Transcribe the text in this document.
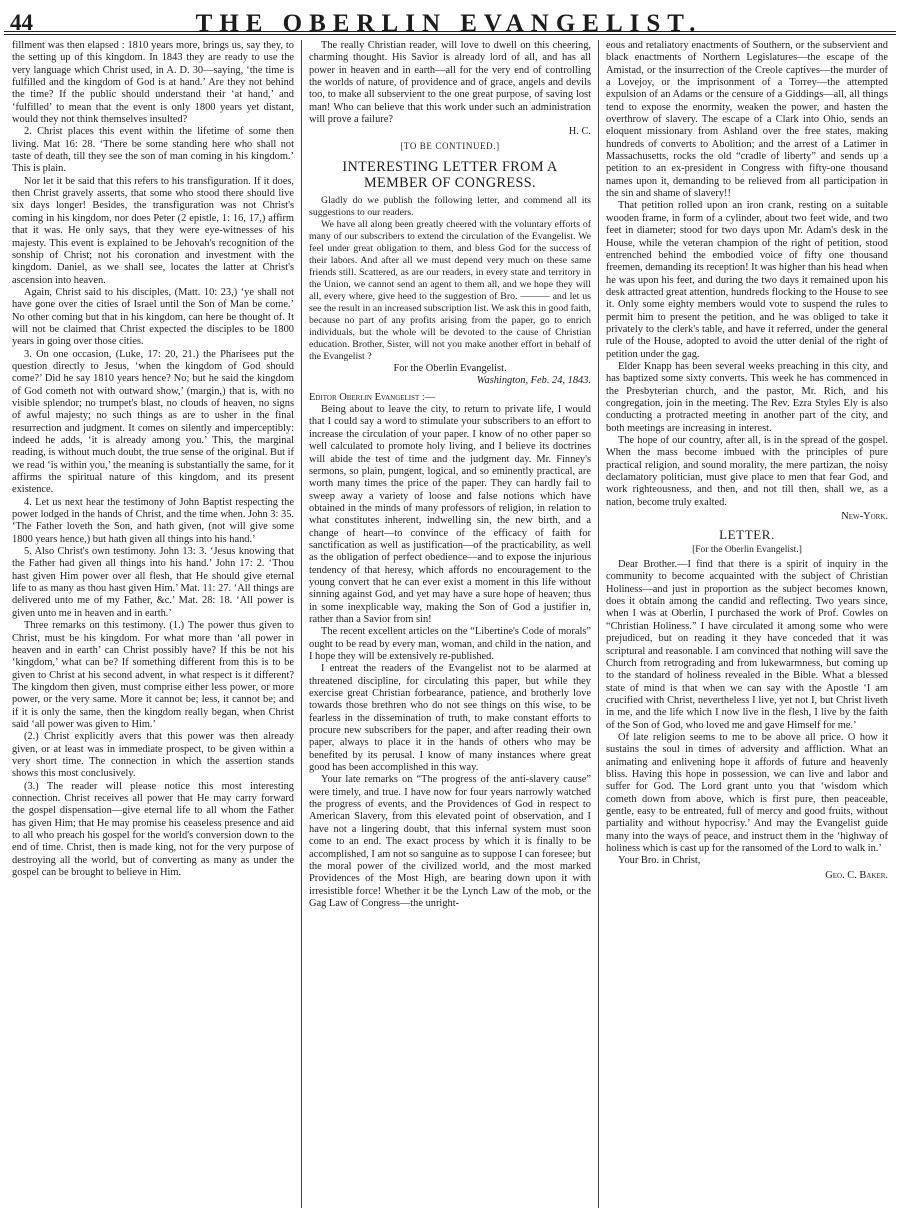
44	THE OBERLIN EVANGELIST.

fillment was then elapsed : 1810 years more, brings us, say they, to the setting up of this kingdom. In 1843 they are ready to use the very language which Christ used, in A. D. 30—saying, ‘the time is fulfilled and the kingdom of God is at hand.’ Are they not behind the time? If the public should understand their ‘at hand,’ and ‘fulfilled’ to mean that the event is only 1800 years yet distant, would they not think themselves insulted?

2. Christ places this event within the lifetime of some then living. Mat 16: 28. ‘There be some standing here who shall not taste of death, till they see the son of man coming in his kingdom.’ This is plain.

Nor let it be said that this refers to his transfiguration. If it does, then Christ gravely asserts, that some who stood there should live six days longer! Besides, the transfiguration was not Christ's coming in his kingdom, nor does Peter (2 epistle, 1: 16, 17,) affirm that it was. He only says, that they were eye-witnesses of his majesty. This event is explained to be Jehovah's recognition of the sonship of Christ; not his coronation and investment with the kingdom. Daniel, as we shall see, locates the latter at Christ's ascension into heaven.

Again, Christ said to his disciples, (Matt. 10: 23,) ‘ye shall not have gone over the cities of Israel until the Son of Man be come.’ No other coming but that in his kingdom, can here be thought of. It will not be claimed that Christ expected the disciples to be 1800 years in going over those cities.

3. On one occasion, (Luke, 17: 20, 21.) the Pharisees put the question directly to Jesus, ‘when the kingdom of God should come?’ Did he say 1810 years hence? No; but he said the kingdom of God cometh not with outward show,’ (margin,) that is, with no visible splendor; no trumpet's blast, no clouds of heaven, no signs of awful majesty; no such things as are to usher in the final resurrection and judgment. It comes on silently and imperceptibly: indeed he adds, ‘it is already among you.’ This, the marginal reading, is without much doubt, the true sense of the original. But if we read ‘is within you,’ the meaning is substantially the same, for it affirms the spiritual nature of this kingdom, and its present existence.

4. Let us next hear the testimony of John Baptist respecting the power lodged in the hands of Christ, and the time when. John 3: 35. ‘The Father loveth the Son, and hath given, (not will give some 1800 years hence,) but hath given all things into his hand.’

5. Also Christ's own testimony. John 13: 3. ‘Jesus knowing that the Father had given all things into his hand.’ John 17: 2. ‘Thou hast given Him power over all flesh, that He should give eternal life to as many as thou hast given Him.’ Mat. 11: 27. ‘All things are delivered unto me of my Father, &c.’ Mat. 28: 18. ‘All power is given unto me in heaven and in earth.’

Three remarks on this testimony. (1.) The power thus given to Christ, must be his kingdom. For what more than ‘all power in heaven and in earth’ can Christ possibly have? If this be not his ‘kingdom,’ what can be? If something different from this is to be given to Christ at his second advent, in what respect is it different? The kingdom then given, must comprise either less power, or more power, or the very same. More it cannot be; less, it cannot be; and if it is only the same, then the kingdom really began, when Christ said ‘all power was given to Him.’

(2.) Christ explicitly avers that this power was then already given, or at least was in immediate prospect, to be given within a very short time. The connection in which the assertion stands shows this most conclusively.

(3.) The reader will please notice this most interesting connection. Christ receives all power that He may carry forward the gospel dispensation—give eternal life to all whom the Father has given Him; that He may promise his ceaseless presence and aid to all who preach his gospel for the world's conversion down to the end of time. Christ, then is made king, not for the very purpose of destroying all the world, but of converting as many as under the gospel can be brought to believe in Him.

The really Christian reader, will love to dwell on this cheering, charming thought. His Savior is already lord of all, and has all power in heaven and in earth—all for the very end of controlling the worlds of nature, of providence and of grace, angels and devils too, to make all subservient to the one great purpose, of saving lost man! Who can believe that this work under such an administration will prove a failure?

H. C.

[TO BE CONTINUED.]
INTERESTING LETTER FROM A MEMBER OF CONGRESS.

Gladly do we publish the following letter, and commend all its suggestions to our readers.

We have all along been greatly cheered with the voluntary efforts of many of our subscribers to extend the circulation of the Evangelist. We feel under great obligation to them, and bless God for the success of their labors. And after all we must depend very much on these same friends still. Scattered, as are our readers, in every state and territory in the Union, we cannot send an agent to them all, and we hope they will all, every where, give heed to the suggestion of Bro. ——— and let us see the result in an increased subscription list. We ask this in good faith, because no part of any profits arising from the paper, go to enrich individuals, but the whole will be devoted to the cause of Christian education. Brother, Sister, will not you make another effort in behalf of the Evangelist ?

For the Oberlin Evangelist.

Washington, Feb. 24, 1843.

Editor Oberlin Evangelist :—

Being about to leave the city, to return to private life, I would that I could say a word to stimulate your subscribers to an effort to increase the circulation of your paper. I know of no other paper so well calculated to promote holy living, and I believe its doctrines will abide the test of time and the judgment day. Mr. Finney's sermons, so plain, pungent, logical, and so eminently practical, are worth many times the price of the paper. They can hardly fail to sweep away a variety of loose and false notions which have obtained in the minds of many professors of religion, in relation to what constitutes inherent, indwelling sin, the new birth, and a change of heart—to convince of the efficacy of faith for sanctification as well as justification—of the practicability, as well as the obligation of perfect obedience—and to expose the injurious tendency of that heresy, which affords no encouragement to the young convert that he can ever exist a moment in this life without sinning against God, and yet may have a sure hope of heaven; thus in some inexplicable way, making the Son of God a justifier in, rather than a Savior from sin!

The recent excellent articles on the “Libertine's Code of morals” ought to be read by every man, woman, and child in the nation, and I hope they will be extensively re-published.

I entreat the readers of the Evangelist not to be alarmed at threatened discipline, for circulating this paper, but while they exercise great Christian forbearance, patience, and brotherly love towards those brethren who do not see things on this wise, to be fearless in the dissemination of truth, to make constant efforts to procure new subscribers for the paper, and after reading their own paper, always to place it in the hands of others who may be benefited by its perusal. I know of many instances where great good has been accomplished in this way.

Your late remarks on “The progress of the anti-slavery cause” were timely, and true. I have now for four years narrowly watched the progress of events, and the Providences of God in respect to American Slavery, from this elevated point of observation, and I have not a lingering doubt, that this infernal system must soon come to an end. The exact process by which it is finally to be accomplished, I am not so sanguine as to suppose I can foresee; but the moral power of the civilized world, and the most marked Providences of the Most High, are bearing down upon it with irresistible force! Whether it be the Lynch Law of the mob, or the Gag Law of Congress—the unright-

eous and retaliatory enactments of Southern, or the subservient and black enactments of Northern Legislatures—the escape of the Amistad, or the insurrection of the Creole captives—the murder of a Lovejoy, or the imprisonment of a Torrey—the attempted expulsion of an Adams or the censure of a Giddings—all, all things tend to expose the enormity, weaken the power, and hasten the overthrow of slavery. The escape of a Clark into Ohio, sends an eloquent missionary from Ashland over the free states, making hundreds of converts to Abolition; and the arrest of a Latimer in Massachusetts, rocks the old “cradle of liberty” and sends up a petition to an ex-president in Congress with fifty-one thousand names upon it, demanding to be relieved from all participation in the sin and shame of slavery!!

That petition rolled upon an iron crank, resting on a suitable wooden frame, in form of a cylinder, about two feet wide, and two feet in diameter; stood for two days upon Mr. Adam's desk in the House, while the veteran champion of the right of petition, stood entrenched behind the embodied voice of fifty one thousand freemen, demanding its reception! It was higher than his head when he was upon his feet, and during the two days it remained upon his desk attracted great attention, hundreds flocking to the House to see it. Only some eighty members would vote to suspend the rules to permit him to present the petition, and he was obliged to take it privately to the clerk's table, and have it referred, under the general rule of the House, adopted to avoid the utter denial of the right of petition under the gag.

Elder Knapp has been several weeks preaching in this city, and has baptized some sixty converts. This week he has commenced in the Presbyterian church, and the pastor, Mr. Rich, and his congregation, join in the meeting. The Rev. Ezra Styles Ely is also conducting a protracted meeting in another part of the city, and both meetings are increasing in interest.

The hope of our country, after all, is in the spread of the gospel. When the mass become imbued with the principles of pure practical religion, and sound morality, the mere partizan, the noisy declamatory politician, must give place to men that fear God, and work righteousness, and then, and not till then, shall we, as a nation, become truly exalted.

New-York.
LETTER.
[For the Oberlin Evangelist.]

Dear Brother.—I find that there is a spirit of inquiry in the community to become acquainted with the subject of Christian Holiness—and just in proportion as the subject becomes known, does it obtain among the candid and reflecting. Two years since, when I was at Oberlin, I purchased the work of Prof. Cowles on “Christian Holiness.” I have circulated it among some who were prejudiced, but on reading it they have conceded that it was scriptural and reasonable. I am convinced that nothing will save the Church from retrograding and from lukewarmness, but coming up to the standard of holiness revealed in the Bible. What a blessed state of mind is that when we can say with the Apostle ‘I am crucified with Christ, nevertheless I live, yet not I, but Christ liveth in me, and the life which I now live in the flesh, I live by the faith of the Son of God, who loved me and gave Himself for me.’

Of late religion seems to me to be above all price. O how it sustains the soul in times of adversity and affliction. What an animating and enlivening hope it affords of future and heavenly bliss. Having this hope in possession, we can live and labor and suffer for God. The Lord grant unto you that ‘wisdom which cometh down from above, which is first pure, then peaceable, gentle, easy to be entreated, full of mercy and good fruits, without partiality and without hypocrisy.’ And may the Evangelist guide many into the ways of peace, and instruct them in the ‘highway of holiness which is cast up for the ransomed of the Lord to walk in.’

Your Bro. in Christ,

Geo. C. Baker.
